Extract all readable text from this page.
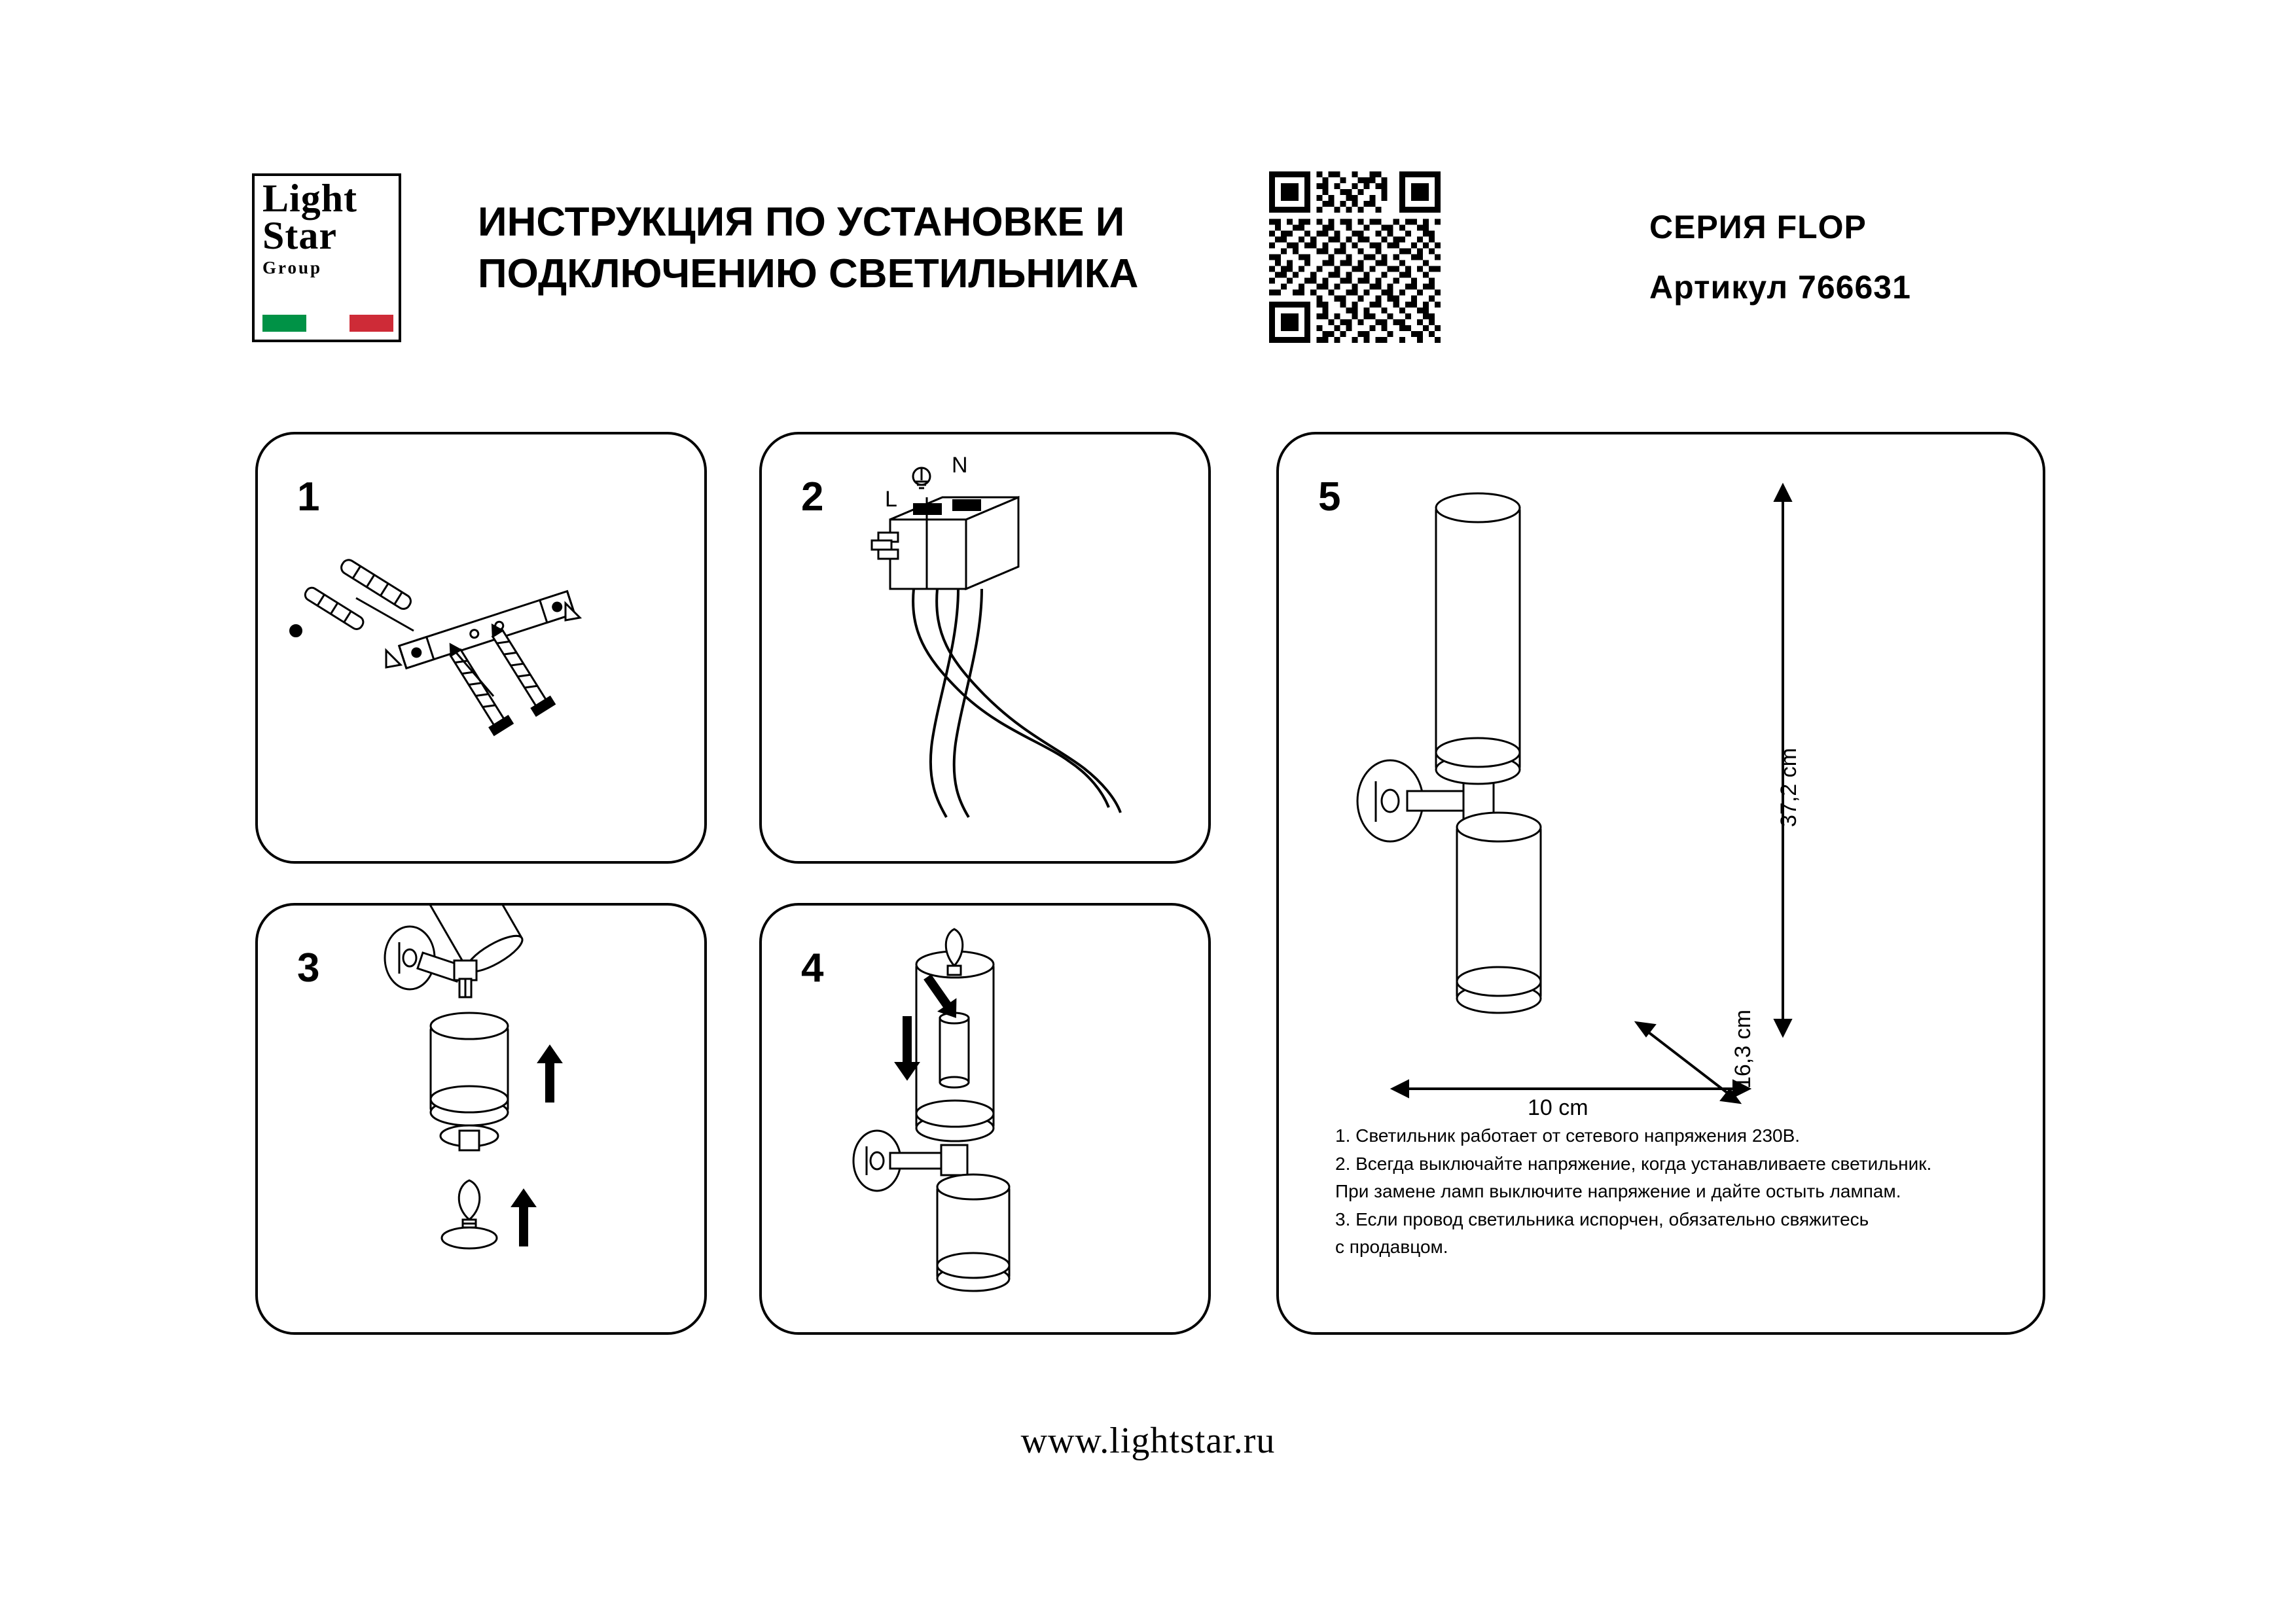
Light
Star
Group
ИНСТРУКЦИЯ ПО УСТАНОВКЕ И ПОДКЛЮЧЕНИЮ СВЕТИЛЬНИКА
СЕРИЯ FLOP
Артикул 766631
1	2
N
L
3	4
5
37,2 cm
10 cm
16,3 cm

1. Светильник работает от сетевого напряжения 230В.

2. Всегда выключайте напряжение, когда устанавливаете светильник.

При замене ламп выключите напряжение и дайте остыть лампам.

3. Если провод светильника испорчен, обязательно свяжитесь

с продавцом.

www.lightstar.ru
